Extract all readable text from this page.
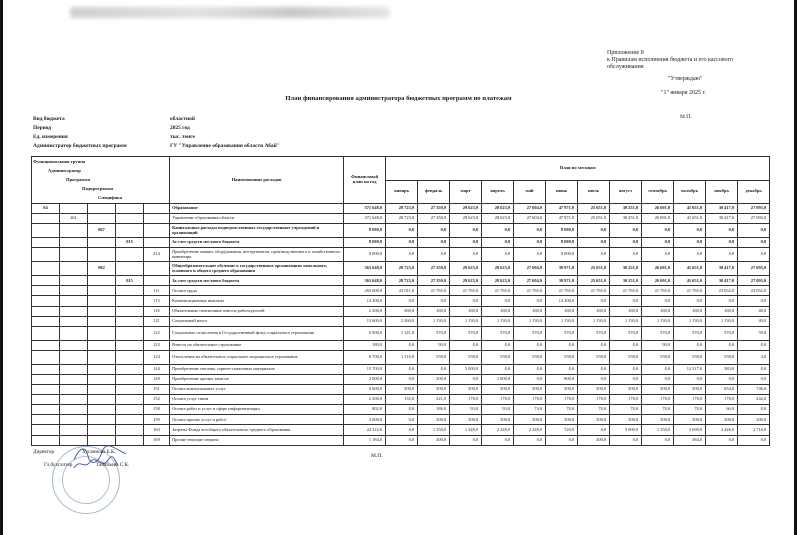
Приложение 8
к Правилам исполнения бюджета и его кассового
обслуживания
"Утверждаю"
"1" января 2025 г.
План финансирования администратора бюджетных программ по платежам
М.П.
Вид бюджета	областной
Период	2025 год
Ед. измерения	тыс. тенге
Администратор бюджетных программ	ГУ "Управление образования области Абай"
Функциональная группа
Администратор
Программа
Подпрограмма
Специфика					Наименование расходов	Финансовый план на год	План по месяцам											
							январь	февраль	март	апрель	май	июнь	июль	август	сентябрь	октябрь	ноябрь	декабрь
04					Образование	371 648,0	28 723,0	27 350,0	29 623,0	28 623,0	27 604,0	47 971,0	25 651,0	30 251,0	26 691,0	41 651,0	30 417,0	27 093,0
	261				Управление образования области	371 648,0	28 723,0	27 350,0	29 623,0	28 623,0	27 604,0	47 971,0	25 651,0	30 251,0	26 691,0	41 651,0	30 417,0	27 093,0
		067			Капитальные расходы подведомственных государственных учреждений и организаций	8 000,0	0,0	0,0	0,0	0,0	0,0	8 000,0	0,0	0,0	0,0	0,0	0,0	0,0
			015		За счет средств местного бюджета	8 000,0	0,0	0,0	0,0	0,0	0,0	8 000,0	0,0	0,0	0,0	0,0	0,0	0,0
				414	Приобретение машин, оборудования, инструментов, производственного и хозяйственного инвентаря	8 000,0	0,0	0,0	0,0	0,0	0,0	8 000,0	0,0	0,0	0,0	0,0	0,0	0,0
		082			Общеобразовательное обучение в государственных организациях начального, основного и общего среднего образования	363 648,0	28 723,0	27 350,0	29 623,0	28 623,0	27 604,0	39 971,0	25 651,0	30 251,0	26 691,0	41 651,0	30 417,0	27 093,0
			015		За счет средств местного бюджета	363 648,0	28 723,0	27 350,0	29 623,0	28 623,0	27 604,0	39 971,0	25 651,0	30 251,0	26 691,0	41 651,0	30 417,0	27 093,0
				111	Оплата труда	265 000,0	23 011,0	21 765,0	21 765,0	21 765,0	21 765,0	21 765,0	21 765,0	21 765,0	21 765,0	21 765,0	23 052,0	23 052,0
				113	Компенсационные выплаты	13 200,0	0,0	0,0	0,0	0,0	0,0	13 200,0	0,0	0,0	0,0	0,0	0,0	0,0
				116	Обязательные пенсионные взносы работодателей	2 200,0	360,0	180,0	180,0	180,0	180,0	180,0	180,0	180,0	180,0	180,0	180,0	40,0
				121	Социальный налог	13 600,0	2 260,0	1 130,0	1 130,0	1 130,0	1 130,0	1 130,0	1 130,0	1 130,0	1 130,0	1 130,0	1 130,0	40,0
				122	Социальные отчисления в Государственный фонд социального страхования	6 900,0	1 141,0	570,0	570,0	570,0	570,0	570,0	570,0	570,0	570,0	570,0	570,0	59,0
				123	Взносы на обязательное страхование	180,0	0,0	90,0	0,0	0,0	0,0	0,0	0,0	0,0	90,0	0,0	0,0	0,0
				124	Отчисления на обязательное социальное медицинское страхование	6 700,0	1 116,0	558,0	558,0	558,0	558,0	558,0	558,0	558,0	558,0	558,0	558,0	4,0
				144	Приобретение топлива, горюче-смазочных материалов	15 700,0	0,0	0,0	5 000,0	0,0	0,0	0,0	0,0	0,0	0,0	12 317,0	383,0	0,0
				149	Приобретение прочих запасов	2 000,0	0,0	200,0	0,0	1 000,0	0,0	800,0	0,0	0,0	0,0	0,0	0,0	0,0
				151	Оплата коммунальных услуг	6 600,0	500,0	500,0	500,0	500,0	500,0	500,0	500,0	500,0	500,0	500,0	654,0	746,0
				152	Оплата услуг связи	2 200,0	135,0	221,0	178,0	178,0	178,0	178,0	178,0	178,0	178,0	178,0	178,0	242,0
				158	Оплата работ и услуг в сфере информатизации	802,0	0,0	186,0	93,0	93,0	74,0	70,0	70,0	70,0	70,0	70,0	6б,0	0,0
				159	Оплата прочих услуг и работ	3 000,0	0,0	200,0	300,0	300,0	300,0	300,0	300,0	300,0	300,0	300,0	200,0	200,0
				163	Затраты Фонда всеобщего обязательного среднего образования	24 322,0	0,0	1 350,0	1 349,0	2 349,0	2 349,0	720,0	0,0	5 000,0	1 350,0	3 699,0	3 446,0	2 710,0
				169	Прочие текущие затраты	1 184,0	0,0	400,0	0,0	0,0	0,0	0,0	400,0	0,0	0,0	384,0	0,0	0,0
Директор	Хусаинова Б.К.
Гл.бухгалтер	Тайкбаева С.К.
М.П.
